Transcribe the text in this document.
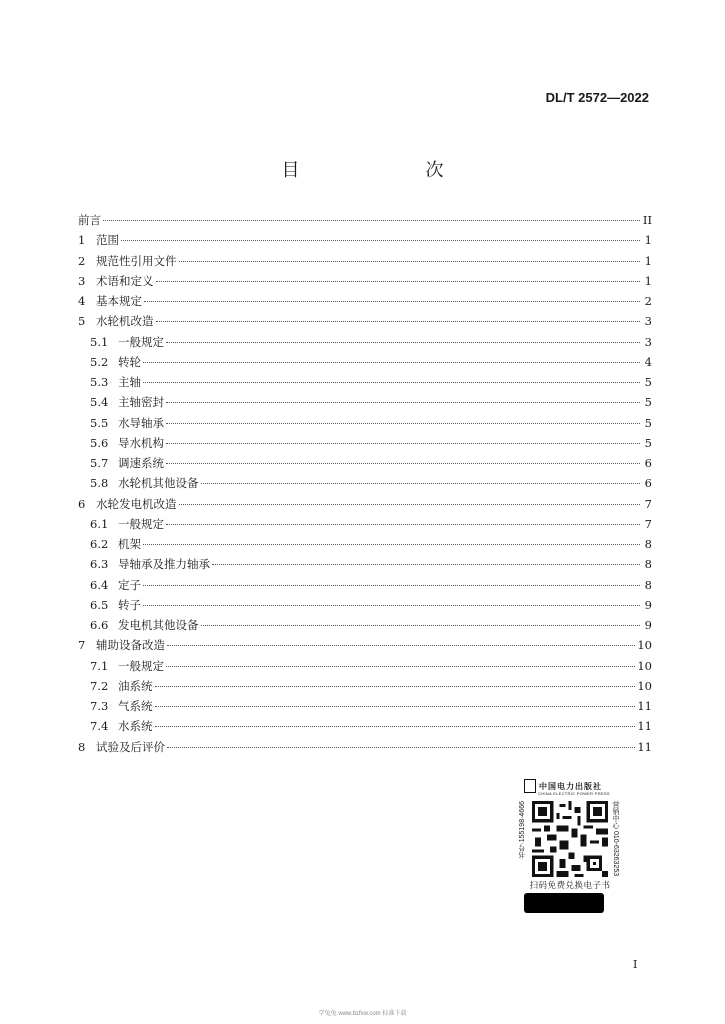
DL/T 2572—2022
目　　次
前言	II
1 范围	1
2 规范性引用文件	1
3 术语和定义	1
4 基本规定	2
5 水轮机改造	3
5.1 一般规定	3
5.2 转轮	4
5.3 主轴	5
5.4 主轴密封	5
5.5 水导轴承	5
5.6 导水机构	5
5.7 调速系统	6
5.8 水轮机其他设备	6
6 水轮发电机改造	7
6.1 一般规定	7
6.2 机架	8
6.3 导轴承及推力轴承	8
6.4 定子	8
6.5 转子	9
6.6 发电机其他设备	9
7 辅助设备改造	10
7.1 一般规定	10
7.2 油系统	10
7.3 气系统	11
7.4 水系统	11
8 试验及后评价	11
中国电力出版社
CHINA ELECTRIC POWER PRESS
书号·155198·4666	营销中心 010-63263253
扫码免费兑换电子书
I
学兔兔 www.bzfxw.com 标准下载
